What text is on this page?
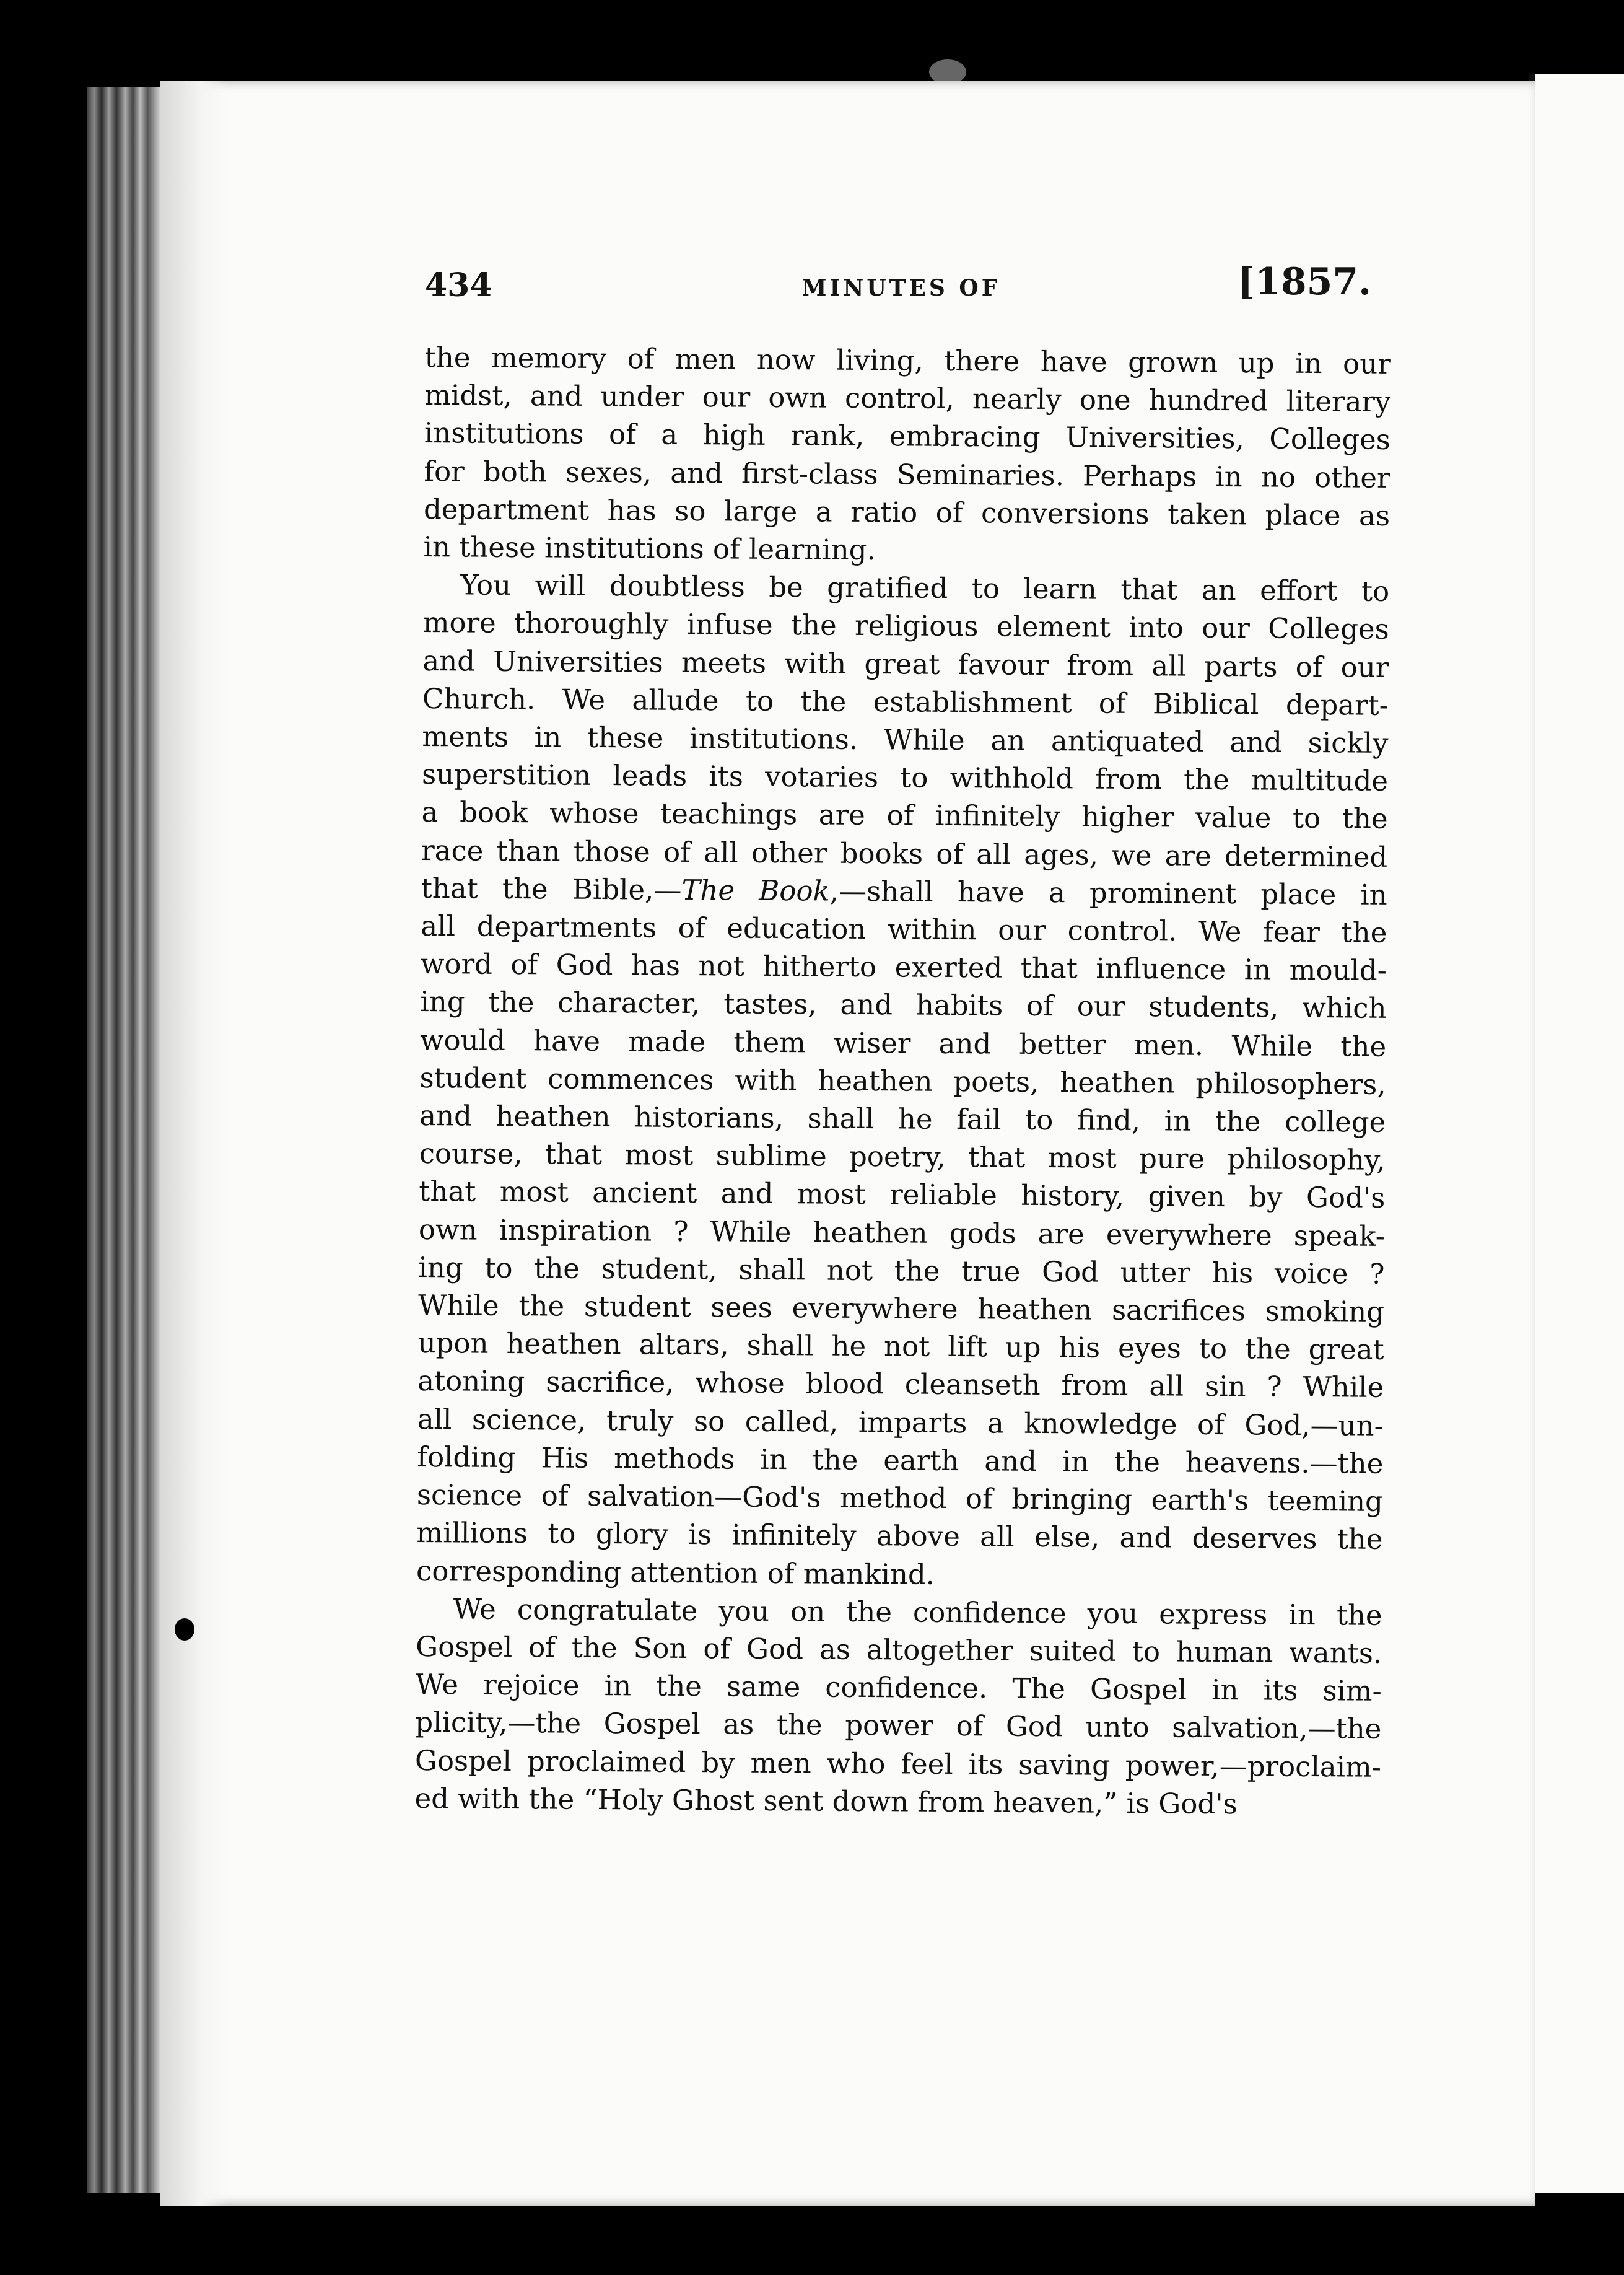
434	MINUTES OF	[1857.

the memory of men now living, there have grown up in our
midst, and under our own control, nearly one hundred literary
institutions of a high rank, embracing Universities, Colleges
for both sexes, and first-class Seminaries. Perhaps in no other
department has so large a ratio of conversions taken place as
in these institutions of learning.

You will doubtless be gratified to learn that an effort to
more thoroughly infuse the religious element into our Colleges
and Universities meets with great favour from all parts of our
Church. We allude to the establishment of Biblical depart-
ments in these institutions. While an antiquated and sickly
superstition leads its votaries to withhold from the multitude
a book whose teachings are of infinitely higher value to the
race than those of all other books of all ages, we are determined
that the Bible,—The Book,—shall have a prominent place in
all departments of education within our control. We fear the
word of God has not hitherto exerted that influence in mould-
ing the character, tastes, and habits of our students, which
would have made them wiser and better men. While the
student commences with heathen poets, heathen philosophers,
and heathen historians, shall he fail to find, in the college
course, that most sublime poetry, that most pure philosophy,
that most ancient and most reliable history, given by God's
own inspiration ? While heathen gods are everywhere speak-
ing to the student, shall not the true God utter his voice ?
While the student sees everywhere heathen sacrifices smoking
upon heathen altars, shall he not lift up his eyes to the great
atoning sacrifice, whose blood cleanseth from all sin ? While
all science, truly so called, imparts a knowledge of God,—un-
folding His methods in the earth and in the heavens.—the
science of salvation—God's method of bringing earth's teeming
millions to glory is infinitely above all else, and deserves the
corresponding attention of mankind.

We congratulate you on the confidence you express in the
Gospel of the Son of God as altogether suited to human wants.
We rejoice in the same confidence. The Gospel in its sim-
plicity,—the Gospel as the power of God unto salvation,—the
Gospel proclaimed by men who feel its saving power,—proclaim-
ed with the “Holy Ghost sent down from heaven,” is God's
